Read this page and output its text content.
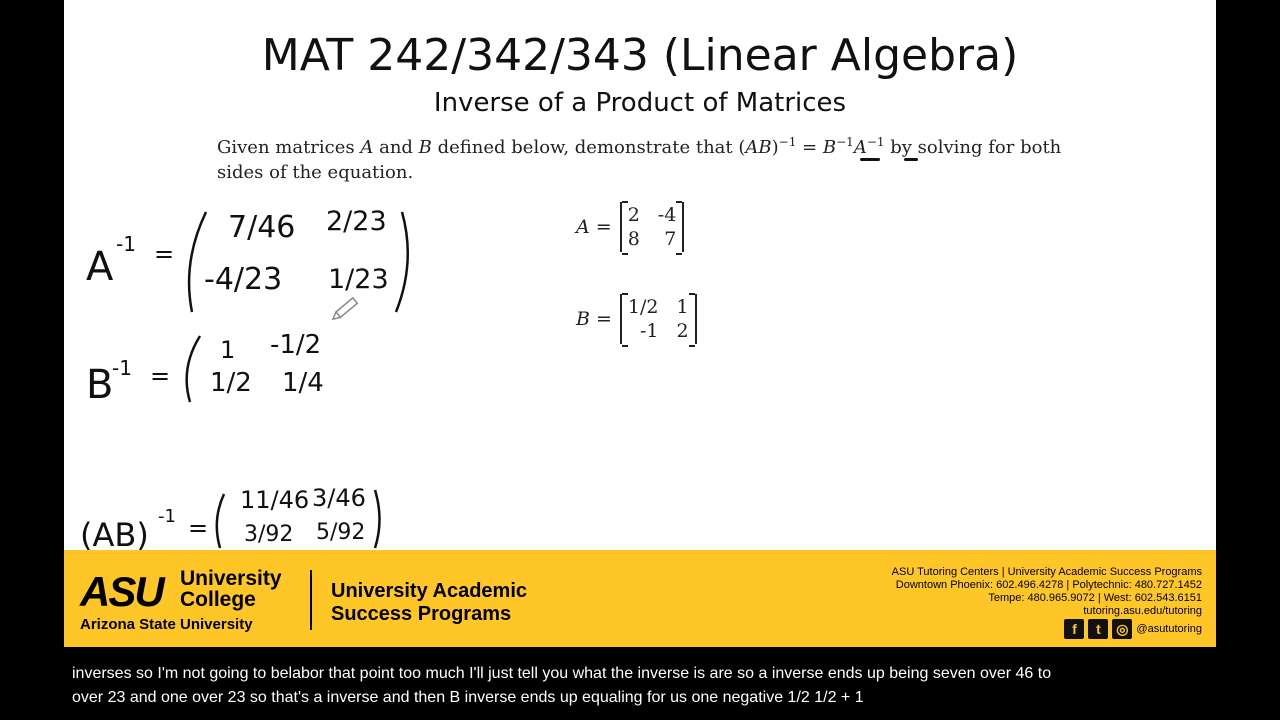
MAT 242/342/343 (Linear Algebra)
Inverse of a Product of Matrices
Given matrices A and B defined below, demonstrate that $(AB)^{-1} = B^{-1}A^{-1}$ by solving for both sides of the equation.
A =
2 -4
8	7
B =
1/2 1
-1 2
A -1 =
7/46 2/23
-4/23 1/23
B
-1 =
1 -1/2
1/2 1/4
(AB) -1 =
11/46 3/46
3/92 5/92
ASU University
College
Arizona State University
University Academic
Success Programs
ASU Tutoring Centers | University Academic Success Programs
Downtown Phoenix: 602.496.4278 | Polytechnic: 480.727.1452
Tempe: 480.965.9072 | West: 602.543.6151
tutoring.asu.edu/tutoring
f	t	◎ @asututoring
inverses so I'm not going to belabor that point too much I'll just tell you what the inverse is are so a inverse ends up being seven over 46 to
over 23 and one over 23 so that's a inverse and then B inverse ends up equaling for us one negative 1/2 1/2 + 1
